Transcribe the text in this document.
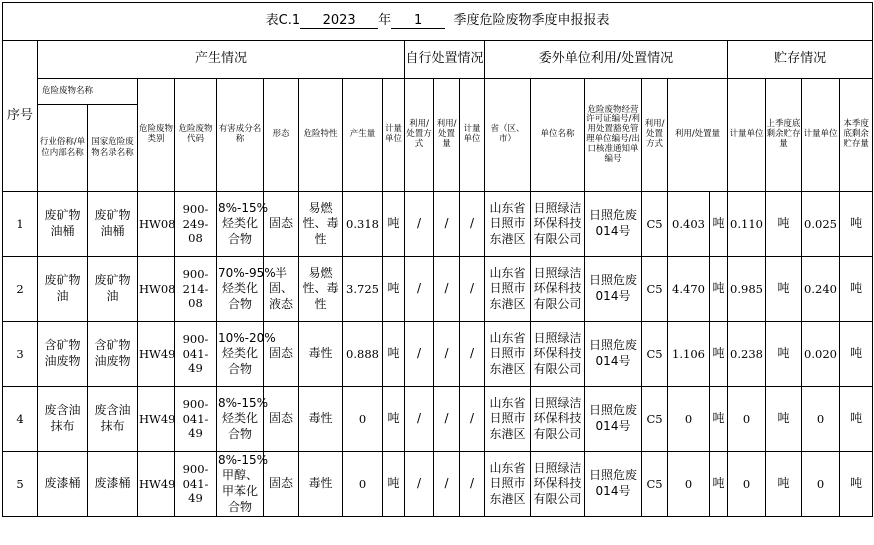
表C.1 2023 年 1 季度危险废物季度申报报表																							
序号	产生情况									自行处置情况			委外单位利用/处置情况						贮存情况				
	危险废物名称		危险废物类别	危险废物代码	有害成分名称	形态	危险特性	产生量	计量单位	利用/处置方式	利用/处置量	计量单位	省（区、市）	单位名称	危险废物经营许可证编号/利用处置豁免管理单位编号/出口核准通知单编号	利用/处置方式	利用/处置量		计量单位	上季度底剩余贮存量	计量单位	本季度底剩余贮存量	
	行业俗称/单位内部名称	国家危险废物名录名称																					
1	废矿物油桶	废矿物油桶	HW08	900-249-08	8%-15%烃类化合物	固态	易燃性、毒性	0.318	吨	/	/	/	山东省日照市东港区	日照绿洁环保科技有限公司	日照危废014号	C5	0.403	吨	0.110	吨	0.025	吨	
2	废矿物油	废矿物油	HW08	900-214-08	70%-95%烃类化合物	半固、液态	易燃性、毒性	3.725	吨	/	/	/	山东省日照市东港区	日照绿洁环保科技有限公司	日照危废014号	C5	4.470	吨	0.985	吨	0.240	吨	
3	含矿物油废物	含矿物油废物	HW49	900-041-49	10%-20%烃类化合物	固态	毒性	0.888	吨	/	/	/	山东省日照市东港区	日照绿洁环保科技有限公司	日照危废014号	C5	1.106	吨	0.238	吨	0.020	吨	
4	废含油抹布	废含油抹布	HW49	900-041-49	8%-15%烃类化合物	固态	毒性	0	吨	/	/	/	山东省日照市东港区	日照绿洁环保科技有限公司	日照危废014号	C5	0	吨	0	吨	0	吨	
5	废漆桶	废漆桶	HW49	900-041-49	8%-15%甲醇、甲苯化合物	固态	毒性	0	吨	/	/	/	山东省日照市东港区	日照绿洁环保科技有限公司	日照危废014号	C5	0	吨	0	吨	0	吨	
